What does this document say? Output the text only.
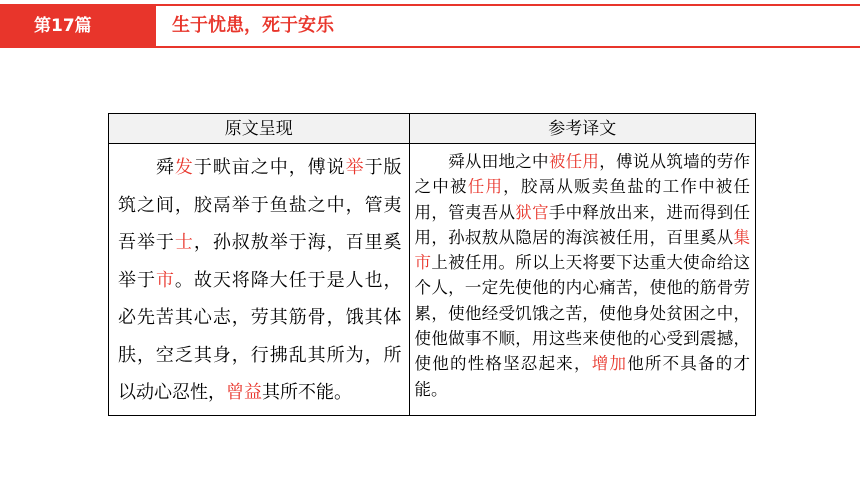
第17篇	生于忧患，死于安乐
原文呈现	参考译文

　　舜发于畎亩之中，傅说举于版筑之间，胶鬲举于鱼盐之中，管夷吾举于士，孙叔敖举于海，百里奚举于市。故天将降大任于是人也，必先苦其心志，劳其筋骨，饿其体肤，空乏其身，行拂乱其所为，所以动心忍性，曾益其所不能。	　　舜从田地之中被任用，傅说从筑墙的劳作之中被任用，胶鬲从贩卖鱼盐的工作中被任用，管夷吾从狱官手中释放出来，进而得到任用，孙叔敖从隐居的海滨被任用，百里奚从集市上被任用。所以上天将要下达重大使命给这个人，一定先使他的内心痛苦，使他的筋骨劳累，使他经受饥饿之苦，使他身处贫困之中，使他做事不顺，用这些来使他的心受到震撼，使他的性格坚忍起来，增加他所不具备的才能。
